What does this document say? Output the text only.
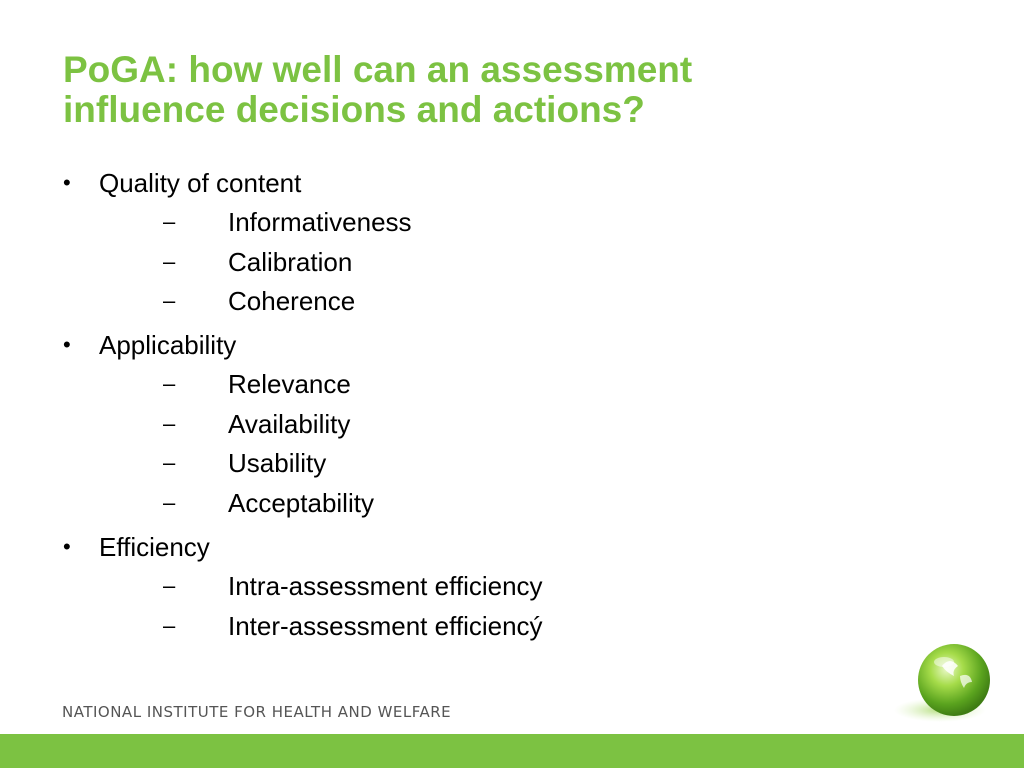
PoGA: how well can an assessment
influence decisions and actions?
• Quality of content
– Informativeness
– Calibration
– Coherence
• Applicability
– Relevance
– Availability
– Usability
– Acceptability
• Efficiency
– Intra-assessment efficiency
– Inter-assessment efficiencý
NATIONAL INSTITUTE FOR HEALTH AND WELFARE
